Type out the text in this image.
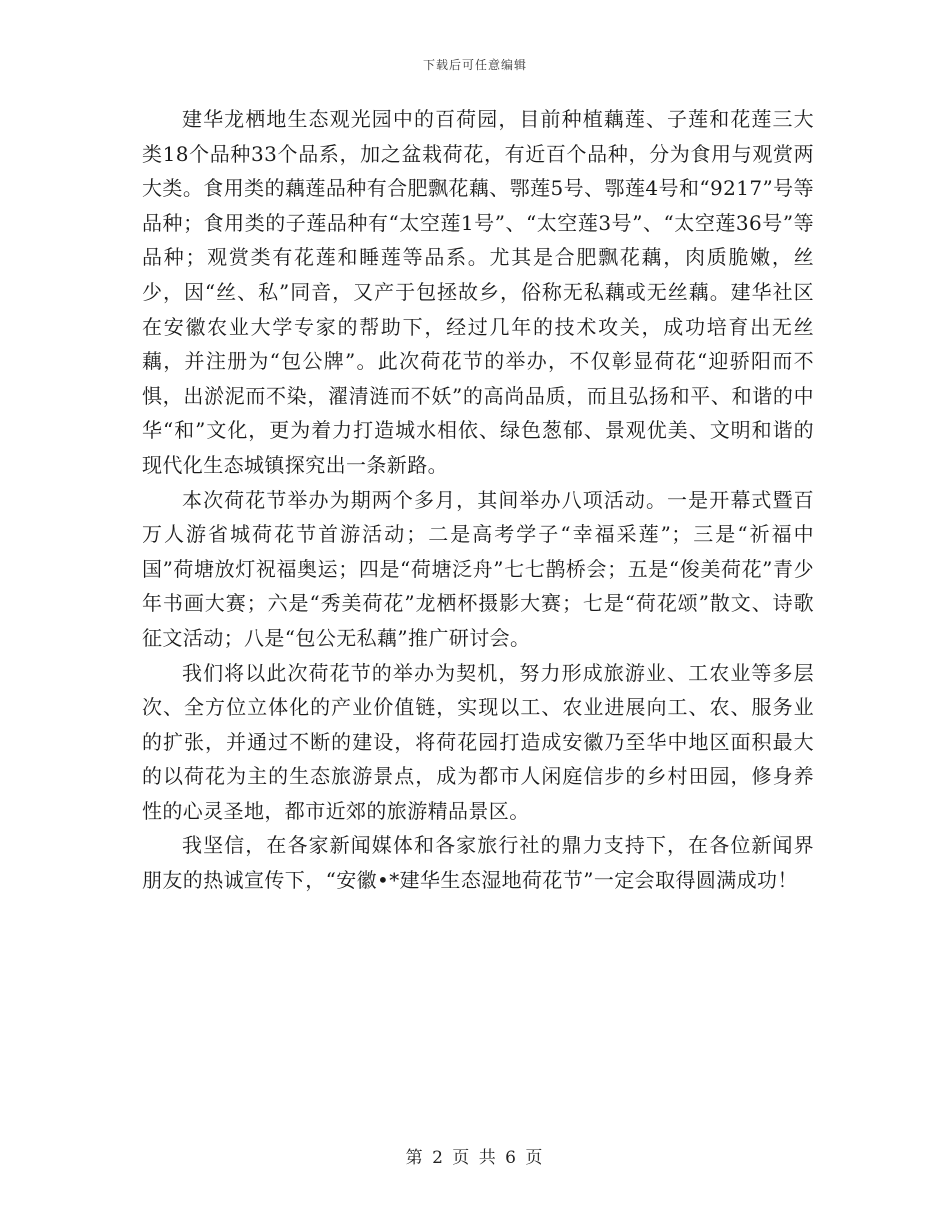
下载后可任意编辑

建华龙栖地生态观光园中的百荷园，目前种植藕莲、子莲和花莲三大类18个品种33个品系，加之盆栽荷花，有近百个品种，分为食用与观赏两大类。食用类的藕莲品种有合肥飘花藕、鄂莲5号、鄂莲4号和“9217”号等品种；食用类的子莲品种有“太空莲1号”、“太空莲3号”、“太空莲36号”等品种；观赏类有花莲和睡莲等品系。尤其是合肥飘花藕，肉质脆嫩，丝少，因“丝、私”同音，又产于包拯故乡，俗称无私藕或无丝藕。建华社区在安徽农业大学专家的帮助下，经过几年的技术攻关，成功培育出无丝藕，并注册为“包公牌”。此次荷花节的举办，不仅彰显荷花“迎骄阳而不惧，出淤泥而不染，濯清涟而不妖”的高尚品质，而且弘扬和平、和谐的中华“和”文化，更为着力打造城水相依、绿色葱郁、景观优美、文明和谐的现代化生态城镇探究出一条新路。

本次荷花节举办为期两个多月，其间举办八项活动。一是开幕式暨百万人游省城荷花节首游活动；二是高考学子“幸福采莲”；三是“祈福中国”荷塘放灯祝福奥运；四是“荷塘泛舟”七七鹊桥会；五是“俊美荷花”青少年书画大赛；六是“秀美荷花”龙栖杯摄影大赛；七是“荷花颂”散文、诗歌征文活动；八是“包公无私藕”推广研讨会。

我们将以此次荷花节的举办为契机，努力形成旅游业、工农业等多层次、全方位立体化的产业价值链，实现以工、农业进展向工、农、服务业的扩张，并通过不断的建设，将荷花园打造成安徽乃至华中地区面积最大的以荷花为主的生态旅游景点，成为都市人闲庭信步的乡村田园，修身养性的心灵圣地，都市近郊的旅游精品景区。

我坚信，在各家新闻媒体和各家旅行社的鼎力支持下，在各位新闻界朋友的热诚宣传下，“安徽•*建华生态湿地荷花节”一定会取得圆满成功！

第 2 页 共 6 页
